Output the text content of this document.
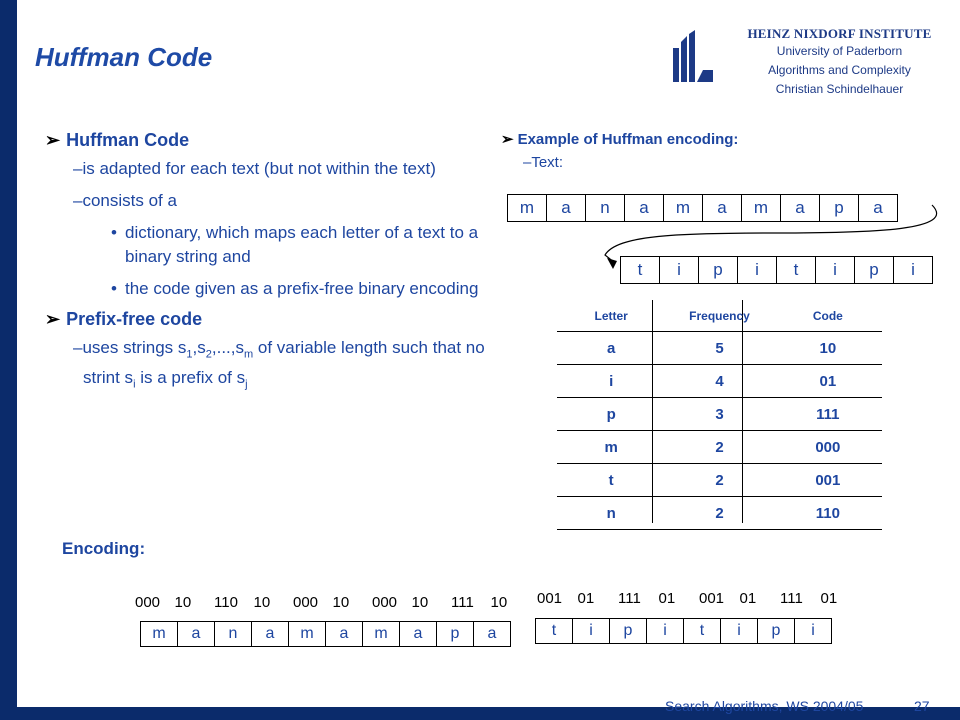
Huffman Code
HEINZ NIXDORF INSTITUTE
University of Paderborn
Algorithms and Complexity
Christian Schindelhauer
➢ Huffman Code
–is adapted for each text (but not within the text)
–consists of a
• dictionary, which maps each letter of a text to a binary string and
• the code given as a prefix-free binary encoding
➢ Prefix-free code
–uses strings $s_1,s_2,...,s_m$ of variable length such that no strint $s_i$ is a prefix of $s_j$
➢ Example of Huffman encoding:
–Text:
m	a	n	a	m	a	m	a	p	a
t	i	p	i	t	i	p	i
Letter	Frequency	Code
a	5	10
i	4	01
p	3	111
m	2	000
t	2	001
n	2	110
Encoding:
000 10 110 10 000 10 000 10 111 10
m	a	n	a	m	a	m	a	p	a
001 01 111 01 001 01 111 01
t	i	p	i	t	i	p	i
Search Algorithms, WS 2004/05	27
